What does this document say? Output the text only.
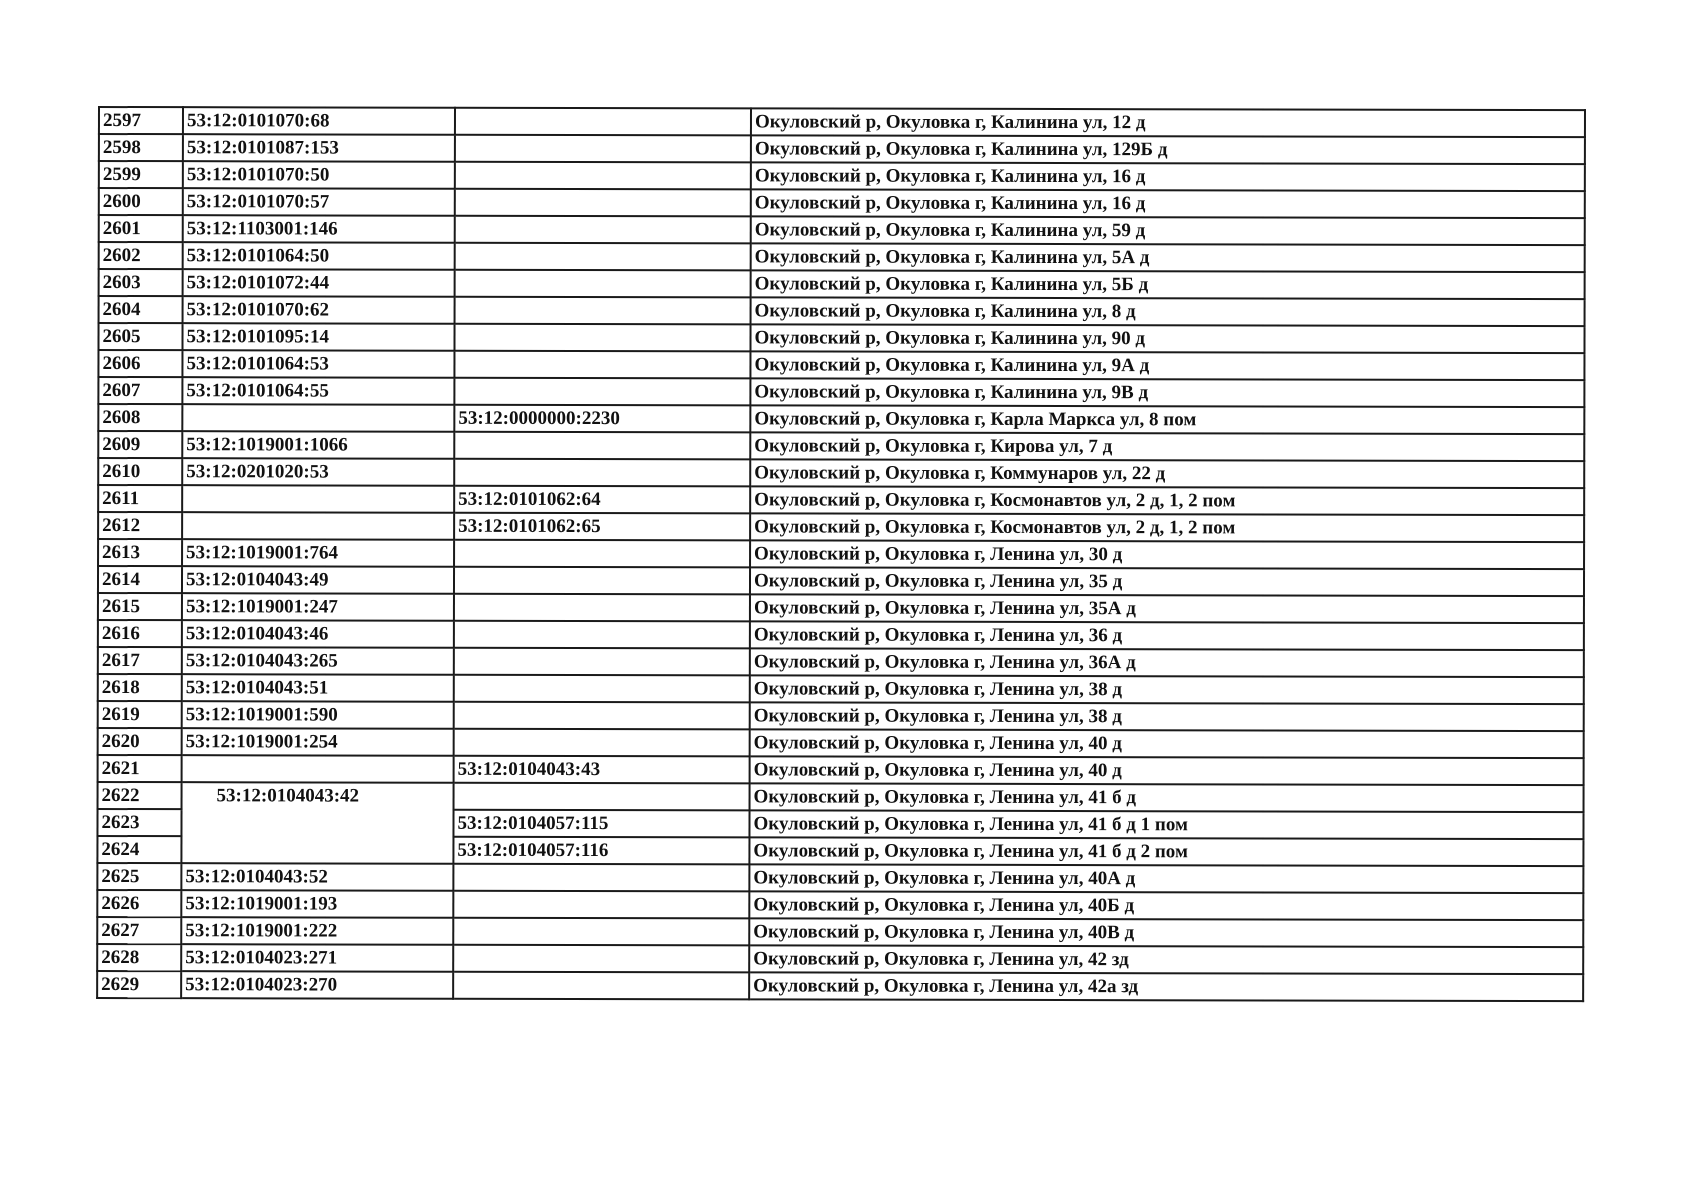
2597	53:12:0101070:68		Окуловский р, Окуловка г, Калинина ул, 12 д
2598	53:12:0101087:153		Окуловский р, Окуловка г, Калинина ул, 129Б д
2599	53:12:0101070:50		Окуловский р, Окуловка г, Калинина ул, 16 д
2600	53:12:0101070:57		Окуловский р, Окуловка г, Калинина ул, 16 д
2601	53:12:1103001:146		Окуловский р, Окуловка г, Калинина ул, 59 д
2602	53:12:0101064:50		Окуловский р, Окуловка г, Калинина ул, 5А д
2603	53:12:0101072:44		Окуловский р, Окуловка г, Калинина ул, 5Б д
2604	53:12:0101070:62		Окуловский р, Окуловка г, Калинина ул, 8 д
2605	53:12:0101095:14		Окуловский р, Окуловка г, Калинина ул, 90 д
2606	53:12:0101064:53		Окуловский р, Окуловка г, Калинина ул, 9А д
2607	53:12:0101064:55		Окуловский р, Окуловка г, Калинина ул, 9В д
2608		53:12:0000000:2230	Окуловский р, Окуловка г, Карла Маркса ул, 8 пом
2609	53:12:1019001:1066		Окуловский р, Окуловка г, Кирова ул, 7 д
2610	53:12:0201020:53		Окуловский р, Окуловка г, Коммунаров ул, 22 д
2611		53:12:0101062:64	Окуловский р, Окуловка г, Космонавтов ул, 2 д, 1, 2 пом
2612		53:12:0101062:65	Окуловский р, Окуловка г, Космонавтов ул, 2 д, 1, 2 пом
2613	53:12:1019001:764		Окуловский р, Окуловка г, Ленина ул, 30 д
2614	53:12:0104043:49		Окуловский р, Окуловка г, Ленина ул, 35 д
2615	53:12:1019001:247		Окуловский р, Окуловка г, Ленина ул, 35А д
2616	53:12:0104043:46		Окуловский р, Окуловка г, Ленина ул, 36 д
2617	53:12:0104043:265		Окуловский р, Окуловка г, Ленина ул, 36А д
2618	53:12:0104043:51		Окуловский р, Окуловка г, Ленина ул, 38 д
2619	53:12:1019001:590		Окуловский р, Окуловка г, Ленина ул, 38 д
2620	53:12:1019001:254		Окуловский р, Окуловка г, Ленина ул, 40 д
2621		53:12:0104043:43	Окуловский р, Окуловка г, Ленина ул, 40 д
2622	53:12:0104043:42		Окуловский р, Окуловка г, Ленина ул, 41 б д
2623		53:12:0104057:115	Окуловский р, Окуловка г, Ленина ул, 41 б д 1 пом
2624		53:12:0104057:116	Окуловский р, Окуловка г, Ленина ул, 41 б д 2 пом
2625	53:12:0104043:52		Окуловский р, Окуловка г, Ленина ул, 40А д
2626	53:12:1019001:193		Окуловский р, Окуловка г, Ленина ул, 40Б д
2627	53:12:1019001:222		Окуловский р, Окуловка г, Ленина ул, 40В д
2628	53:12:0104023:271		Окуловский р, Окуловка г, Ленина ул, 42 зд
2629	53:12:0104023:270		Окуловский р, Окуловка г, Ленина ул, 42а зд
